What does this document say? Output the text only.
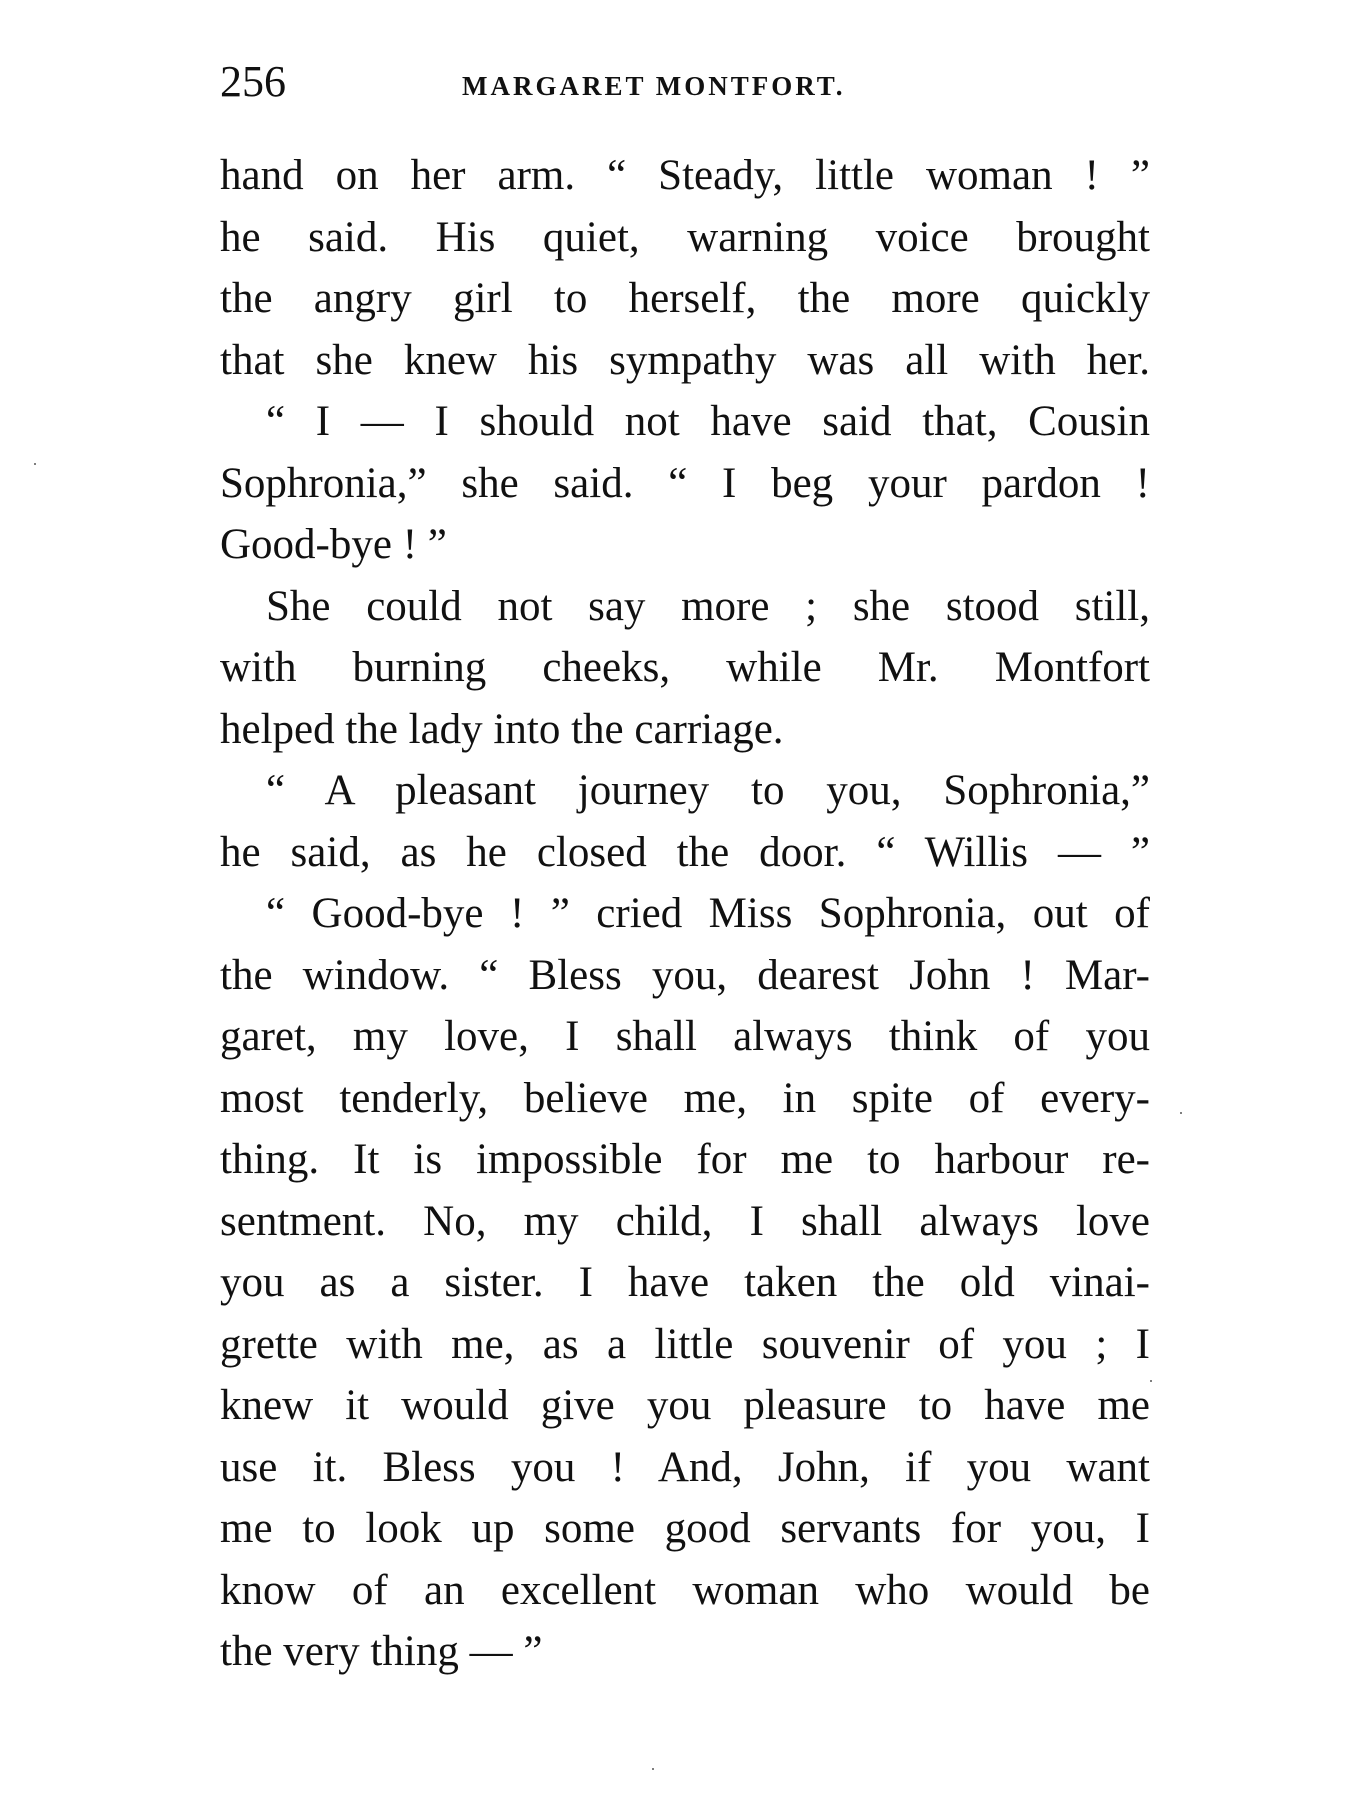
256	MARGARET MONTFORT.
hand on her arm. “ Steady, little woman ! ”
he said. His quiet, warning voice brought
the angry girl to herself, the more quickly
that she knew his sympathy was all with her.
“ I — I should not have said that, Cousin
Sophronia,” she said. “ I beg your pardon !
Good-bye ! ”
She could not say more ; she stood still,
with burning cheeks, while Mr. Montfort
helped the lady into the carriage.
“ A pleasant journey to you, Sophronia,”
he said, as he closed the door. “ Willis — ”
“ Good-bye ! ” cried Miss Sophronia, out of
the window. “ Bless you, dearest John ! Mar-
garet, my love, I shall always think of you
most tenderly, believe me, in spite of every-
thing. It is impossible for me to harbour re-
sentment. No, my child, I shall always love
you as a sister. I have taken the old vinai-
grette with me, as a little souvenir of you ; I
knew it would give you pleasure to have me
use it. Bless you ! And, John, if you want
me to look up some good servants for you, I
know of an excellent woman who would be
the very thing — ”
